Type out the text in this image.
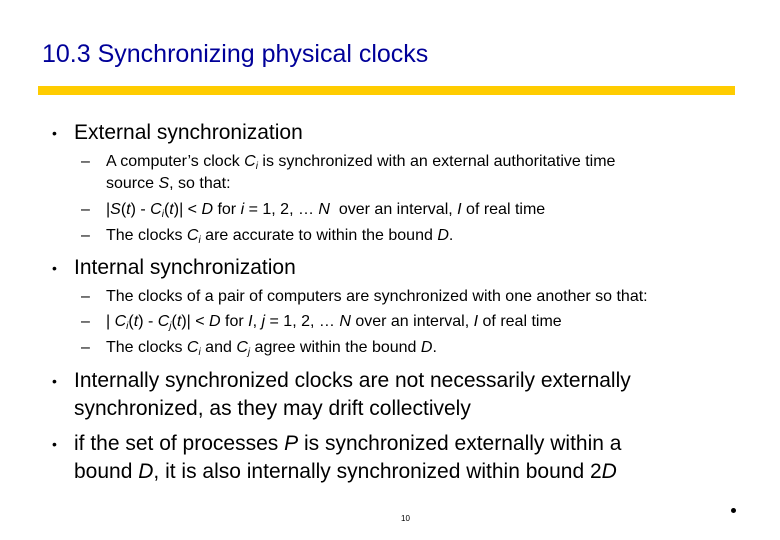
10.3 Synchronizing physical clocks
• External synchronization
– A computer’s clock $C_i$ is synchronized with an external authoritative time
source S, so that:
– $|S(t) - C_i(t)| < D$ for i = 1, 2, … N  over an interval, I of real time
– The clocks $C_i$ are accurate to within the bound D.
• Internal synchronization
– The clocks of a pair of computers are synchronized with one another so that:
– | $C_i(t) - C_j(t)| < D$ for I, j = 1, 2, … N over an interval, I of real time
– The clocks $C_i$ and $C_j$ agree within the bound D.
• Internally synchronized clocks are not necessarily externally
synchronized, as they may drift collectively
• if the set of processes P is synchronized externally within a
bound D, it is also internally synchronized within bound 2D
10
